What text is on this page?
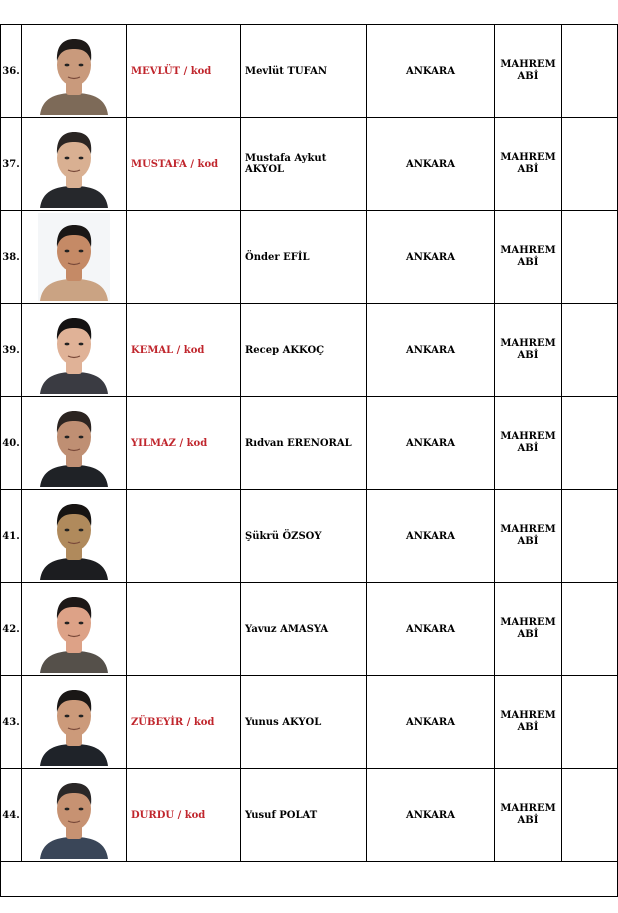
36.		MEVLÜT / kod	Mevlüt TUFAN	ANKARA	MAHREM
ABİ	
37.		MUSTAFA / kod	Mustafa Aykut AKYOL	ANKARA	MAHREM
ABİ	
38.			Önder EFİL	ANKARA	MAHREM
ABİ	
39.		KEMAL / kod	Recep AKKOÇ	ANKARA	MAHREM
ABİ	
40.		YILMAZ / kod	Rıdvan ERENORAL	ANKARA	MAHREM
ABİ	
41.			Şükrü ÖZSOY	ANKARA	MAHREM
ABİ	
42.			Yavuz AMASYA	ANKARA	MAHREM
ABİ	
43.		ZÜBEYİR / kod	Yunus AKYOL	ANKARA	MAHREM
ABİ	
44.		DURDU / kod	Yusuf POLAT	ANKARA	MAHREM
ABİ	
